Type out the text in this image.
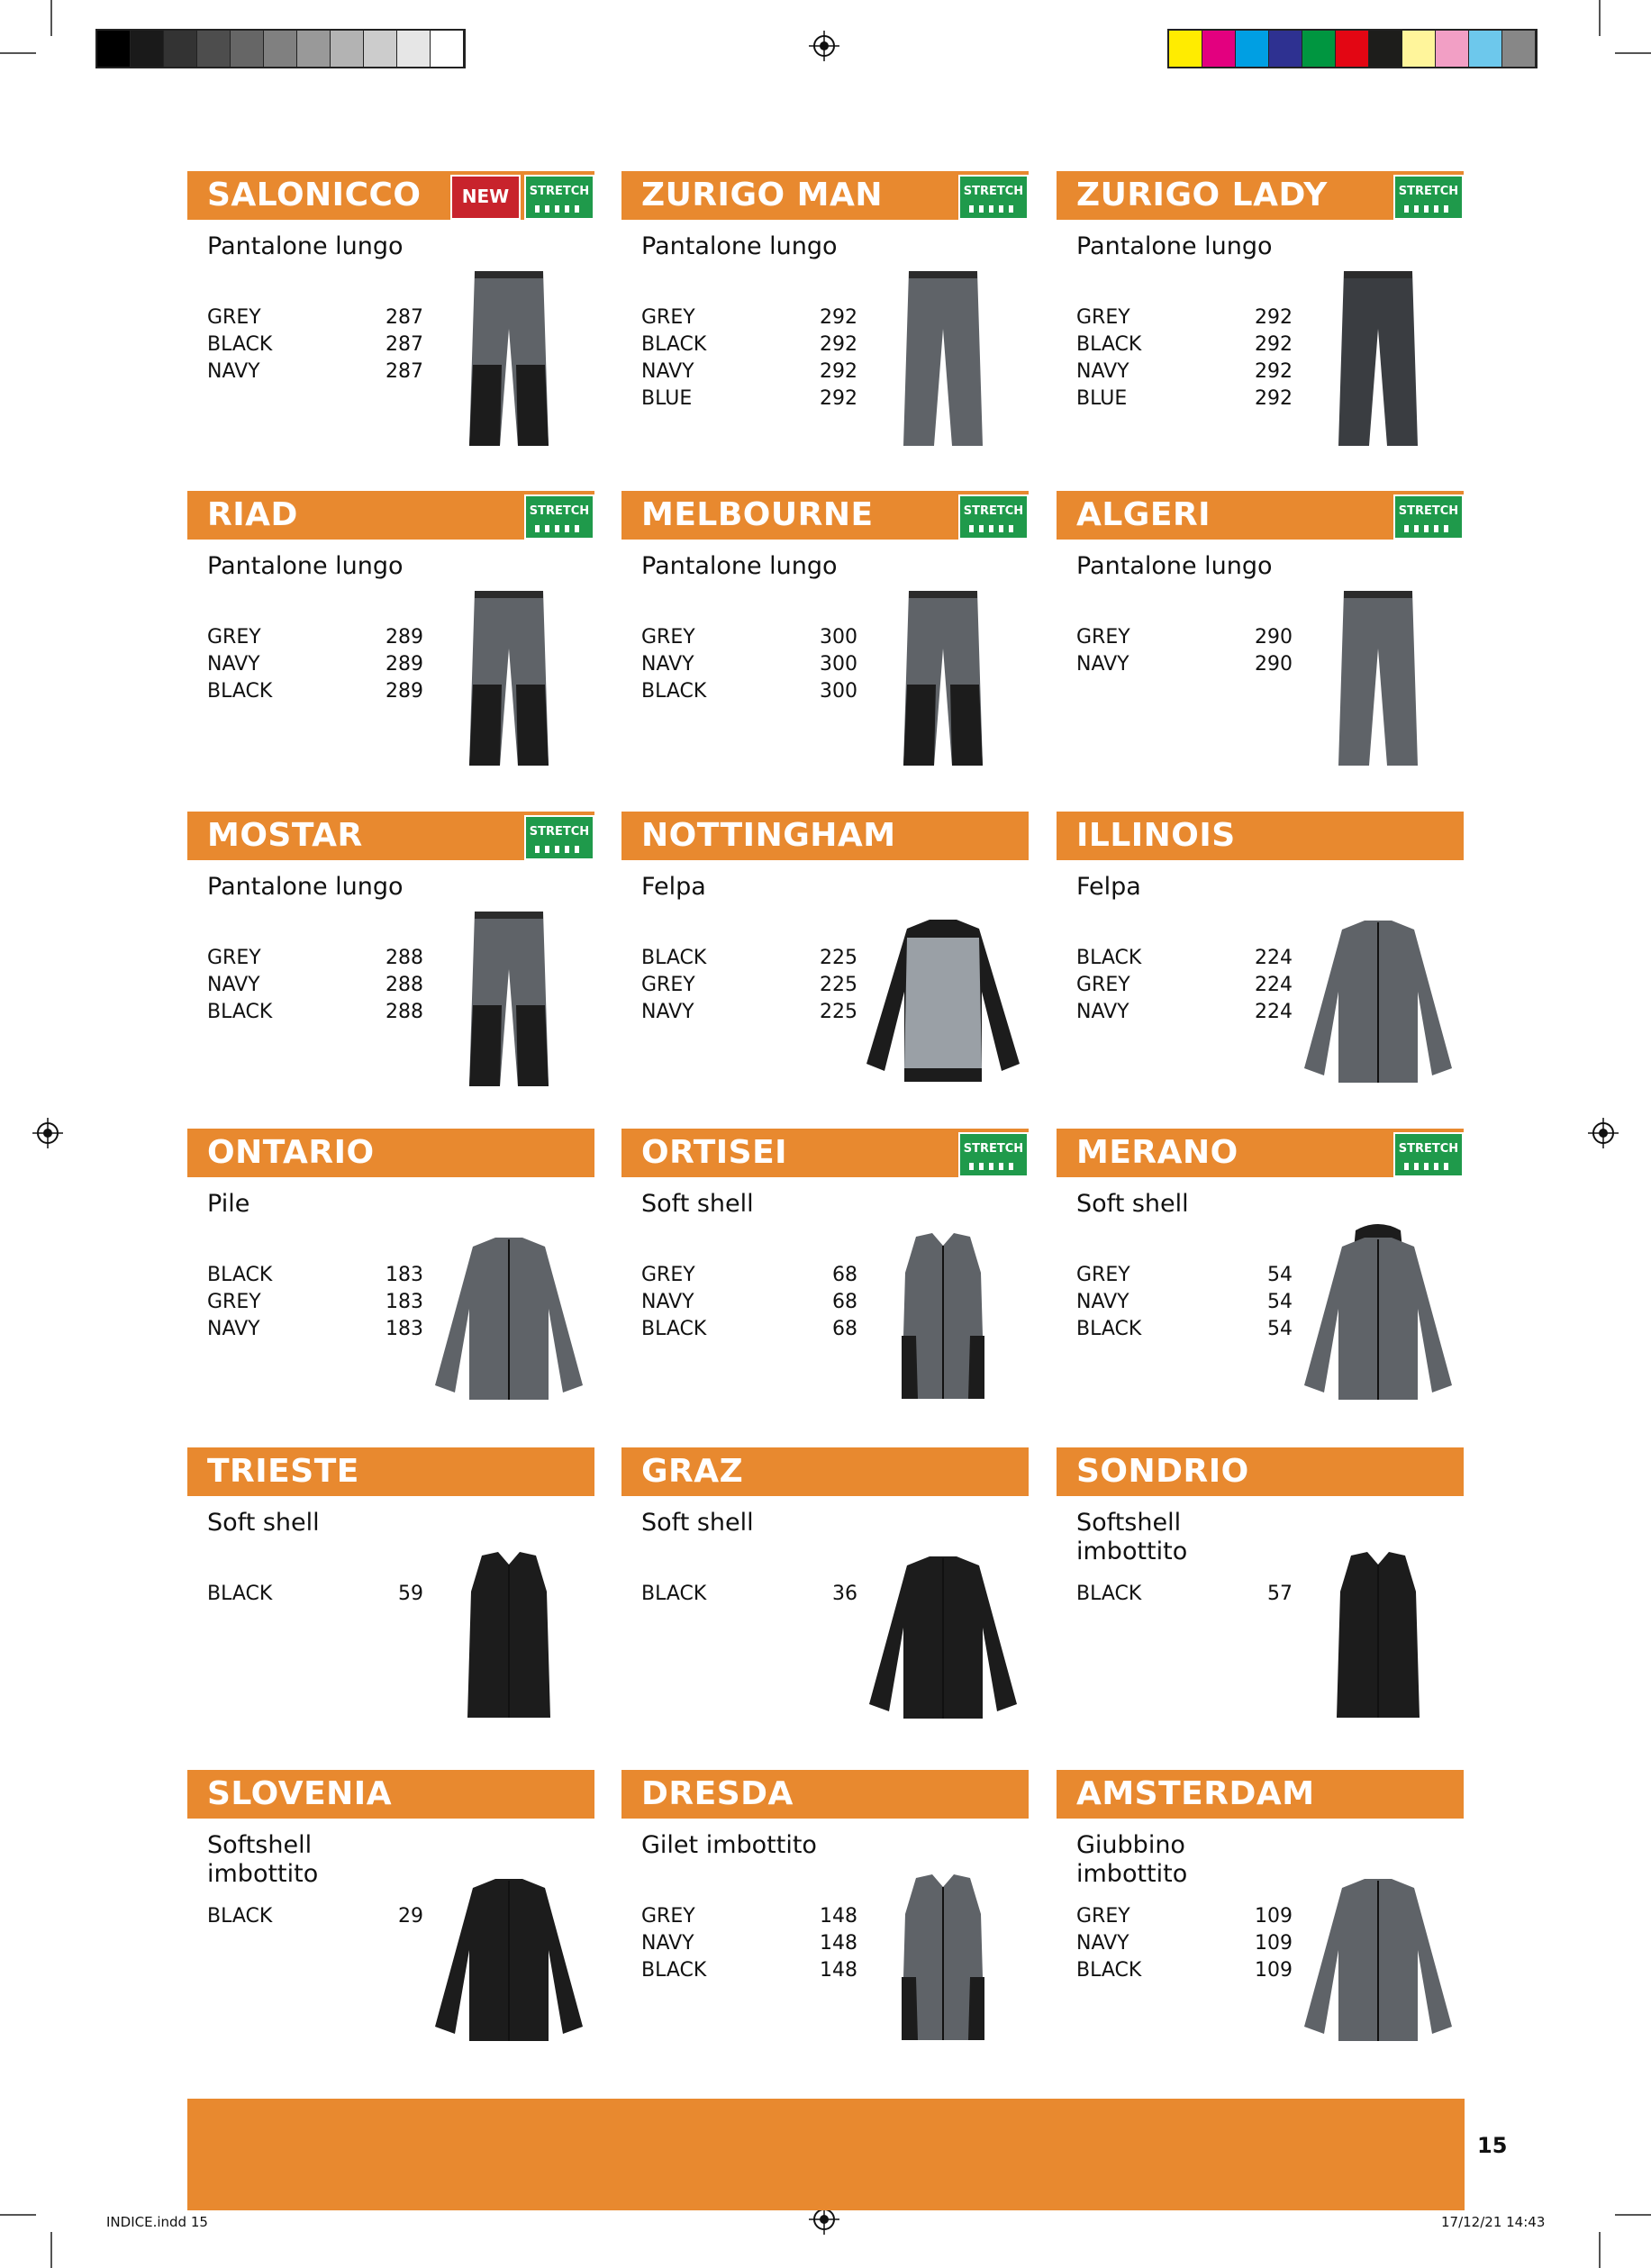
SALONICCO	NEW	STRETCH
Pantalone lungo
GREY	287
BLACK	287
NAVY	287
ZURIGO MAN	STRETCH
Pantalone lungo
GREY	292
BLACK	292
NAVY	292
BLUE	292
ZURIGO LADY	STRETCH
Pantalone lungo
GREY	292
BLACK	292
NAVY	292
BLUE	292
RIAD	STRETCH
Pantalone lungo
GREY	289
NAVY	289
BLACK	289
MELBOURNE	STRETCH
Pantalone lungo
GREY	300
NAVY	300
BLACK	300
ALGERI	STRETCH
Pantalone lungo
GREY	290
NAVY	290
MOSTAR	STRETCH
Pantalone lungo
GREY	288
NAVY	288
BLACK	288
NOTTINGHAM
Felpa
BLACK	225
GREY	225
NAVY	225
ILLINOIS
Felpa
BLACK	224
GREY	224
NAVY	224
ONTARIO
Pile
BLACK	183
GREY	183
NAVY	183
ORTISEI	STRETCH
Soft shell
GREY	68
NAVY	68
BLACK	68
MERANO	STRETCH
Soft shell
GREY	54
NAVY	54
BLACK	54
TRIESTE
Soft shell
BLACK	59
GRAZ
Soft shell
BLACK	36
SONDRIO
Softshell imbottito
BLACK	57
SLOVENIA
Softshell imbottito
BLACK	29
DRESDA
Gilet imbottito
GREY	148
NAVY	148
BLACK	148
AMSTERDAM
Giubbino imbottito
GREY	109
NAVY	109
BLACK	109
15
INDICE.indd 15	17/12/21 14:43
